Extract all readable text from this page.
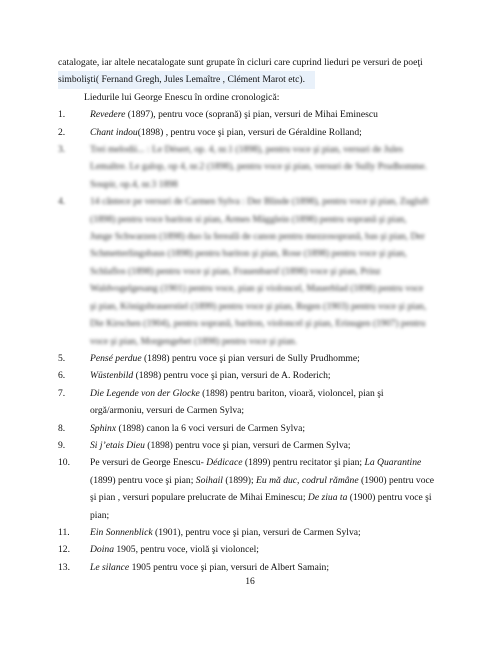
catalogate, iar altele necatalogate sunt grupate în cicluri care cuprind lieduri pe versuri de poeţi
simbolişti( Fernand Gregh, Jules Lemaître , Clément Marot etc).
Liedurile lui George Enescu în ordine cronologică:
1.	Revedere (1897), pentru voce (soprană) şi pian, versuri de Mihai Eminescu
2.	Chant indou(1898) , pentru voce şi pian, versuri de Géraldine Rolland;
3.	Trei melodii... : Le Désert, op. 4, nr.1 (1898), pentru voce şi pian, versuri de Jules
Lemaître. Le galop, op 4, nr.2 (1898), pentru voce şi pian, versuri de Sully Prudhomme.
Soupir, op.4, nr.3 1898
4.	14 cântece pe versuri de Carmen Sylva : Der Blinde (1898), pentru voce şi pian, Zugluft
(1898) pentru voce bariton si pian, Armes Mägglein (1898) pentru soprană şi pian,
Junge Schwarzen (1898) duo la fereală de canon pentru mezzosoprană, bas şi pian, Der
Schmetterlingsbaus (1898) pentru bariton şi pian, Rose (1898) pentru voce şi pian,
Schlaflos (1898) pentru voce şi pian, Frauenbarsf (1898) voce şi pian, Prinz
Waldvogelgesang (1901) pentru voce, pian şi violoncel, Mauerblad (1898) pentru voce
şi pian, Königsbrauerstiel (1899) pentru voce şi pian, Regen (1903) pentru voce şi pian,
Die Kirschen (1904), pentru soprană, bariton, violoncel şi pian, Erinugen (1907) pentru
voce şi pian, Morgengebet (1898) pentru voce şi pian.
5.	Pensé perdue (1898) pentru voce şi pian versuri de Sully Prudhomme;
6.	Wüstenbild (1898) pentru voce şi pian, versuri de A. Roderich;
7.	Die Legende von der Glocke (1898) pentru bariton, vioară, violoncel, pian şi
orgă/armoniu, versuri de Carmen Sylva;
8.	Sphinx (1898) canon la 6 voci versuri de Carmen Sylva;
9.	Si j’etais Dieu (1898) pentru voce şi pian, versuri de Carmen Sylva;
10.	Pe versuri de George Enescu- Dédicace (1899) pentru recitator şi pian; La Quarantine
(1899) pentru voce şi pian; Soihail (1899); Eu mă duc, codrul rămâne (1900) pentru voce
şi pian , versuri populare prelucrate de Mihai Eminescu; De ziua ta (1900) pentru voce şi
pian;
11.	Ein Sonnenblick (1901), pentru voce şi pian, versuri de Carmen Sylva;
12.	Doina 1905, pentru voce, violă şi violoncel;
13.	Le silance 1905 pentru voce şi pian, versuri de Albert Samain;
16
